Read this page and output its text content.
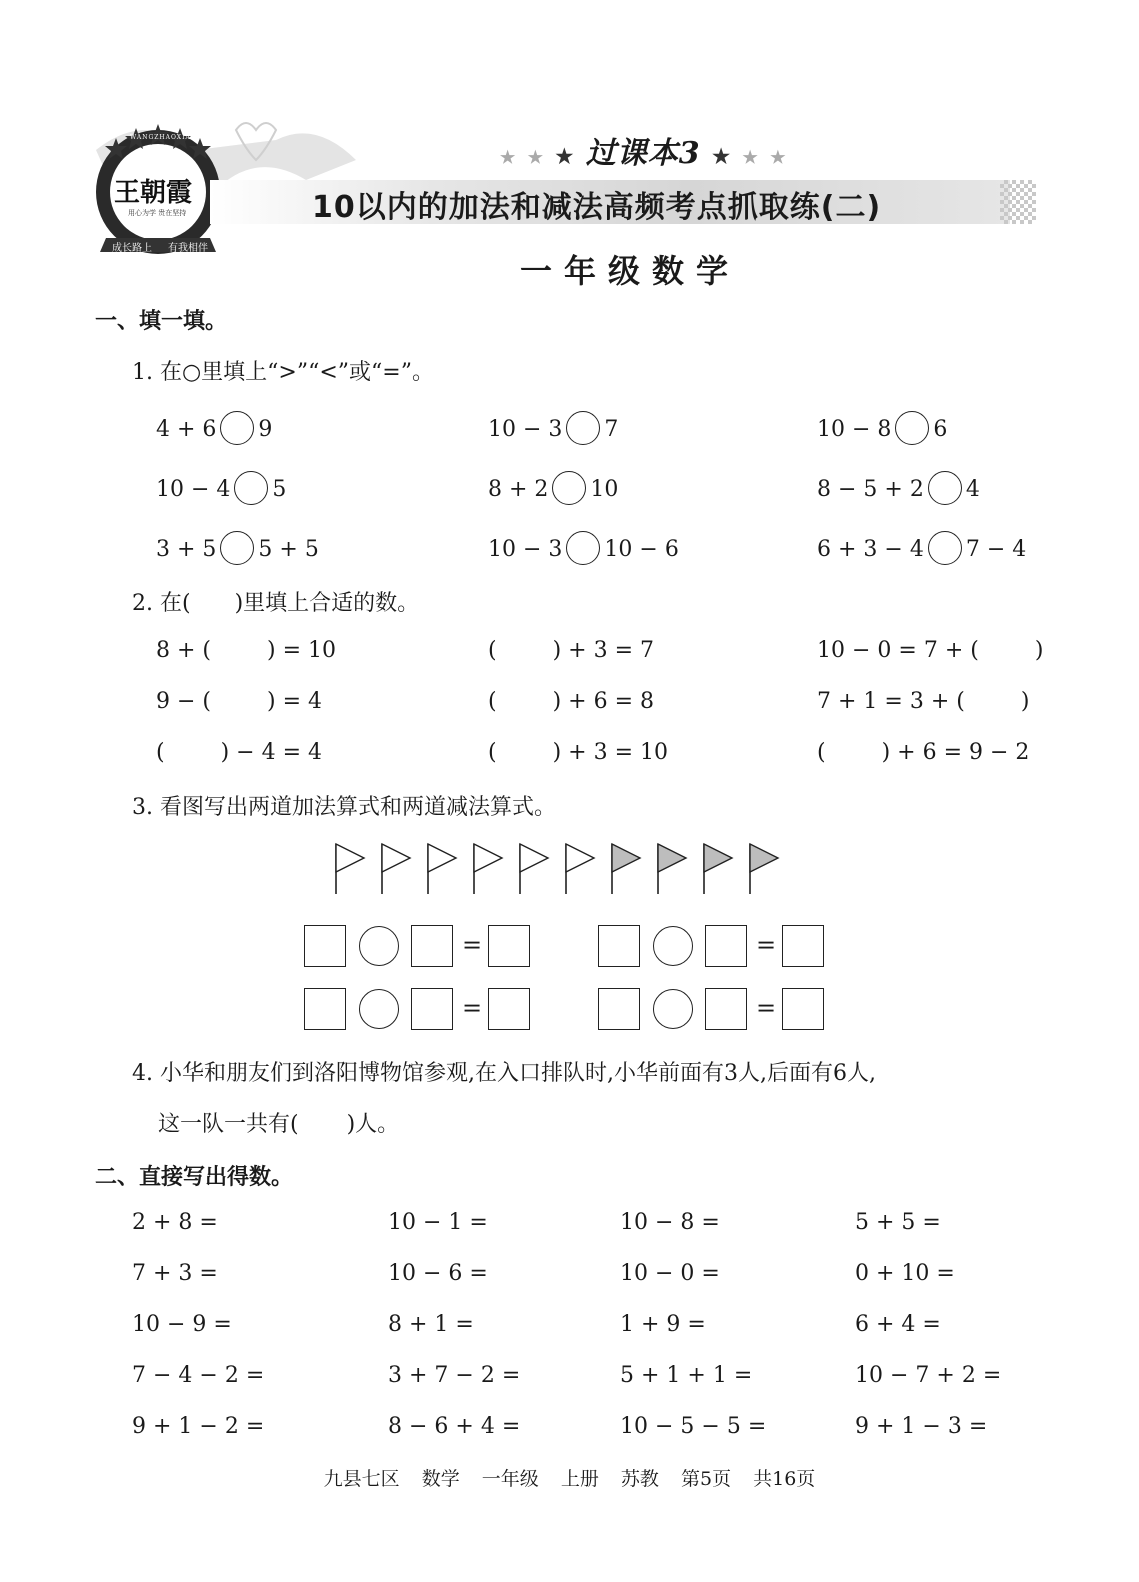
王朝霞
用心为学 贵在坚持
成长路上 有我相伴
WANGZHAOXIA
★ ★ ★ 过课本3 ★ ★ ★
10以内的加法和减法高频考点抓取练(二)
一年级数学
一、填一填。
1. 在○里填上“>”“<”或“=”。
4 + 6 9	10 − 3 7	10 − 8 6
10 − 4 5	8 + 2 10	8 − 5 + 2 4
3 + 5 5 + 5	10 − 3 10 − 6	6 + 3 − 4 7 − 4
2. 在(　　)里填上合适的数。
8 + (	) = 10	(	) + 3 = 7	10 − 0 = 7 + (	)
9 − (	) = 4	(	) + 6 = 8	7 + 1 = 3 + (	)
(	) − 4 = 4	(	) + 3 = 10	(	) + 6 = 9 − 2
3. 看图写出两道加法算式和两道减法算式。
=	=
=	=
4. 小华和朋友们到洛阳博物馆参观,在入口排队时,小华前面有3人,后面有6人,
这一队一共有( )人。
二、直接写出得数。
2 + 8 =	10 − 1 =	10 − 8 =	5 + 5 =
7 + 3 =	10 − 6 =	10 − 0 =	0 + 10 =
10 − 9 =	8 + 1 =	1 + 9 =	6 + 4 =
7 − 4 − 2 =	3 + 7 − 2 =	5 + 1 + 1 =	10 − 7 + 2 =
9 + 1 − 2 =	8 − 6 + 4 =	10 − 5 − 5 =	9 + 1 − 3 =
九县七区 数学 一年级 上册 苏教 第5页 共16页
